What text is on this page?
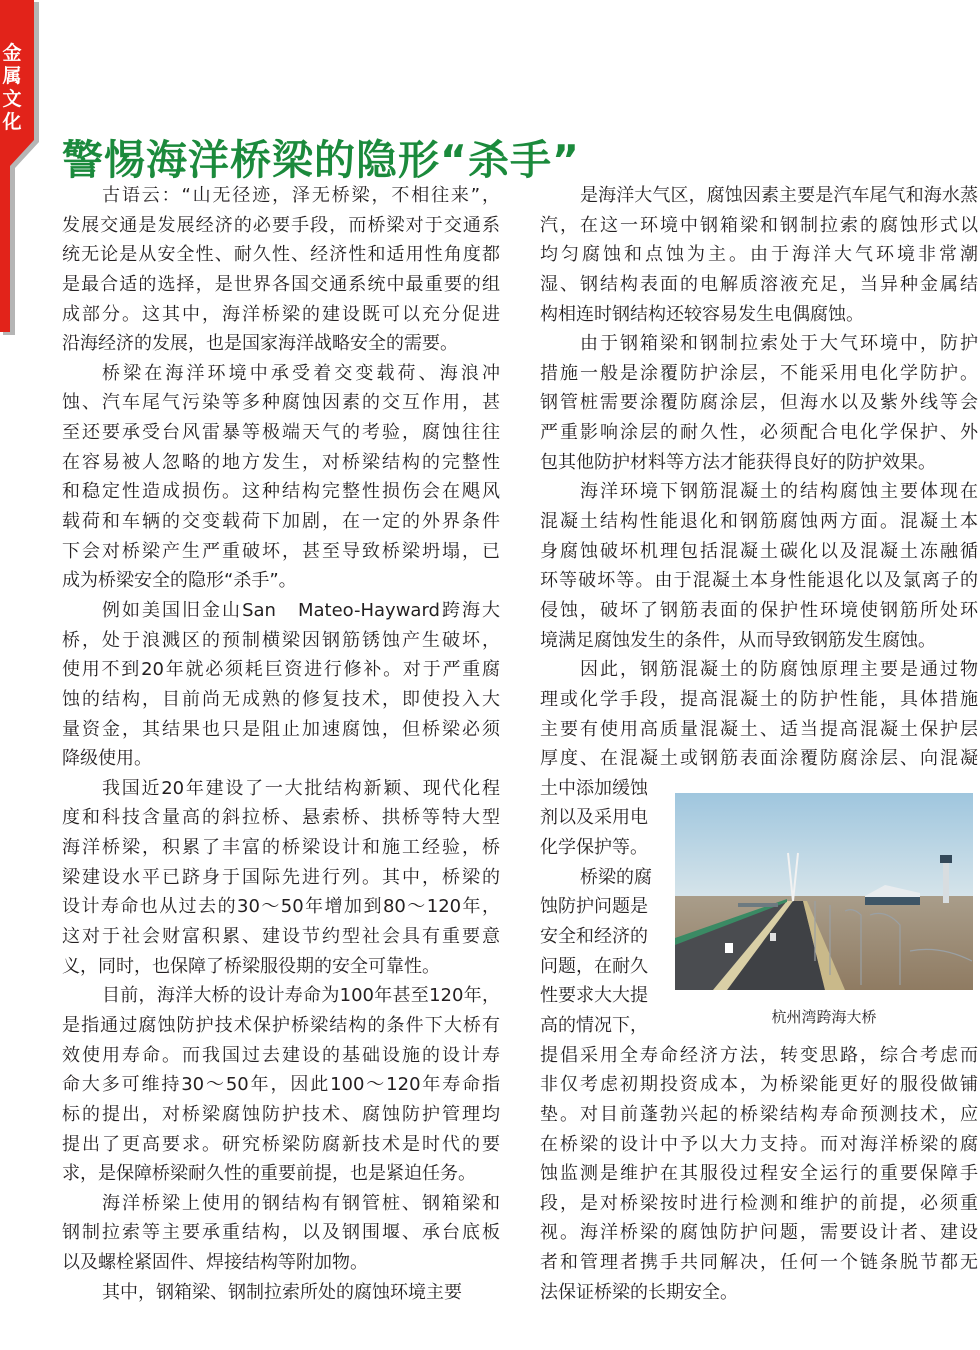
金属文化
警惕海洋桥梁的隐形“杀手”
古语云：“山无径迹，泽无桥梁，不相往来”，
发展交通是发展经济的必要手段，而桥梁对于交通系
统无论是从安全性、耐久性、经济性和适用性角度都
是最合适的选择，是世界各国交通系统中最重要的组
成部分。这其中，海洋桥梁的建设既可以充分促进
沿海经济的发展，也是国家海洋战略安全的需要。
桥梁在海洋环境中承受着交变载荷、海浪冲
蚀、汽车尾气污染等多种腐蚀因素的交互作用，甚
至还要承受台风雷暴等极端天气的考验，腐蚀往往
在容易被人忽略的地方发生，对桥梁结构的完整性
和稳定性造成损伤。这种结构完整性损伤会在飓风
载荷和车辆的交变载荷下加剧，在一定的外界条件
下会对桥梁产生严重破坏，甚至导致桥梁坍塌，已
成为桥梁安全的隐形“杀手”。
例如美国旧金山San　Mateo-Hayward跨海大
桥，处于浪溅区的预制横梁因钢筋锈蚀产生破坏，
使用不到20年就必须耗巨资进行修补。对于严重腐
蚀的结构，目前尚无成熟的修复技术，即使投入大
量资金，其结果也只是阻止加速腐蚀，但桥梁必须
降级使用。
我国近20年建设了一大批结构新颖、现代化程
度和科技含量高的斜拉桥、悬索桥、拱桥等特大型
海洋桥梁，积累了丰富的桥梁设计和施工经验，桥
梁建设水平已跻身于国际先进行列。其中，桥梁的
设计寿命也从过去的30～50年增加到80～120年，
这对于社会财富积累、建设节约型社会具有重要意
义，同时，也保障了桥梁服役期的安全可靠性。
目前，海洋大桥的设计寿命为100年甚至120年，
是指通过腐蚀防护技术保护桥梁结构的条件下大桥有
效使用寿命。而我国过去建设的基础设施的设计寿
命大多可维持30～50年，因此100～120年寿命指
标的提出，对桥梁腐蚀防护技术、腐蚀防护管理均
提出了更高要求。研究桥梁防腐新技术是时代的要
求，是保障桥梁耐久性的重要前提，也是紧迫任务。
海洋桥梁上使用的钢结构有钢管桩、钢箱梁和
钢制拉索等主要承重结构，以及钢围堰、承台底板
以及螺栓紧固件、焊接结构等附加物。
其中，钢箱梁、钢制拉索所处的腐蚀环境主要
是海洋大气区，腐蚀因素主要是汽车尾气和海水蒸
汽，在这一环境中钢箱梁和钢制拉索的腐蚀形式以
均匀腐蚀和点蚀为主。由于海洋大气环境非常潮
湿、钢结构表面的电解质溶液充足，当异种金属结
构相连时钢结构还较容易发生电偶腐蚀。
由于钢箱梁和钢制拉索处于大气环境中，防护
措施一般是涂覆防护涂层，不能采用电化学防护。
钢管桩需要涂覆防腐涂层，但海水以及紫外线等会
严重影响涂层的耐久性，必须配合电化学保护、外
包其他防护材料等方法才能获得良好的防护效果。
海洋环境下钢筋混凝土的结构腐蚀主要体现在
混凝土结构性能退化和钢筋腐蚀两方面。混凝土本
身腐蚀破坏机理包括混凝土碳化以及混凝土冻融循
环等破坏等。由于混凝土本身性能退化以及氯离子的
侵蚀，破坏了钢筋表面的保护性环境使钢筋所处环
境满足腐蚀发生的条件，从而导致钢筋发生腐蚀。
因此，钢筋混凝土的防腐蚀原理主要是通过物
理或化学手段，提高混凝土的防护性能，具体措施
主要有使用高质量混凝土、适当提高混凝土保护层
厚度、在混凝土或钢筋表面涂覆防腐涂层、向混凝
土中添加缓蚀
剂以及采用电
化学保护等。
桥梁的腐
蚀防护问题是
安全和经济的
问题，在耐久
性要求大大提
高的情况下，
提倡采用全寿命经济方法，转变思路，综合考虑而
非仅考虑初期投资成本，为桥梁能更好的服役做铺
垫。对目前蓬勃兴起的桥梁结构寿命预测技术，应
在桥梁的设计中予以大力支持。而对海洋桥梁的腐
蚀监测是维护在其服役过程安全运行的重要保障手
段，是对桥梁按时进行检测和维护的前提，必须重
视。海洋桥梁的腐蚀防护问题，需要设计者、建设
者和管理者携手共同解决，任何一个链条脱节都无
法保证桥梁的长期安全。
杭州湾跨海大桥
